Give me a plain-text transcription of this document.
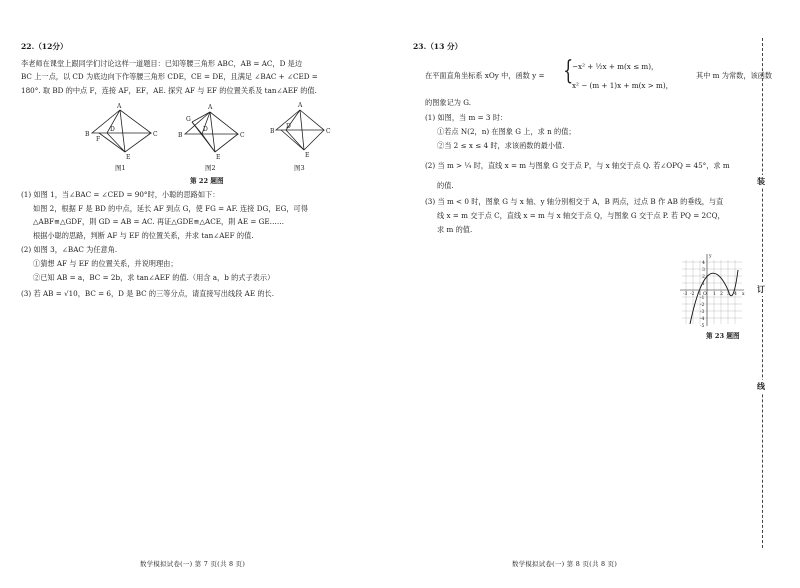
22.（12分）
李老师在课堂上跟同学们讨论这样一道题目：已知等腰三角形 ABC，AB = AC，D 是边
BC 上一点，以 CD 为底边向下作等腰三角形 CDE，CE = DE，且满足 ∠BAC + ∠CED =
180°. 取 BD 的中点 F，连接 AF，EF，AE. 探究 AF 与 EF 的位置关系及 tan∠AEF 的值.
A
B	C
D
F
E
A
G
B	C
D
E
A
B	C
D
E
图1	图2	图3
第 22 题图
(1) 如图 1，当∠BAC = ∠CED = 90°时，小聪的思路如下：
如图 2，根据 F 是 BD 的中点，延长 AF 到点 G，使 FG = AF. 连接 DG，EG，可得
△ABF≌△GDF，則 GD = AB = AC. 再证△GDE≌△ACE，則 AE = GE……
根据小聪的思路，判断 AF 与 EF 的位置关系，并求 tan∠AEF 的值.
(2) 如图 3，∠BAC 为任意角.
①猜想 AF 与 EF 的位置关系，并说明理由；
②已知 AB = a，BC = 2b，求 tan∠AEF 的值.（用含 a，b 的式子表示）
(3) 若 AB = √10，BC = 6，D 是 BC 的三等分点，请直接写出线段 AE 的长.
数学模拟试卷(一) 第 7 页(共 8 页)
23.（13 分）
在平面直角坐标系 xOy 中，函数 y = {
−x² + ½x + m(x ≤ m)，
x² − (m + 1)x + m(x > m)，
其中 m 为常数，该函数
的图象记为 G.
(1) 如图，当 m = 3 时：
①若点 N(2，n) 在图象 G 上，求 n 的值；
②当 2 ≤ x ≤ 4 时，求该函数的最小值.
(2) 当 m > ¼ 时，直线 x = m 与图象 G 交于点 P，与 x 轴交于点 Q. 若∠OPQ = 45°，求 m
的值.
(3) 当 m < 0 时，图象 G 与 x 轴、y 轴分别相交于 A，B 两点，过点 B 作 AB 的垂线，与直
线 x = m 交于点 C，直线 x = m 与 x 轴交于点 Q，与图象 G 交于点 P. 若 PQ = 2CQ，
求 m 的值.
-3 -2 -1 O 1 2 3 4 x
y
4
3
2
1
-1
-2
-3
-4
-5
第 23 题图
数学模拟试卷(一) 第 8 页(共 8 页)
装
订
线
